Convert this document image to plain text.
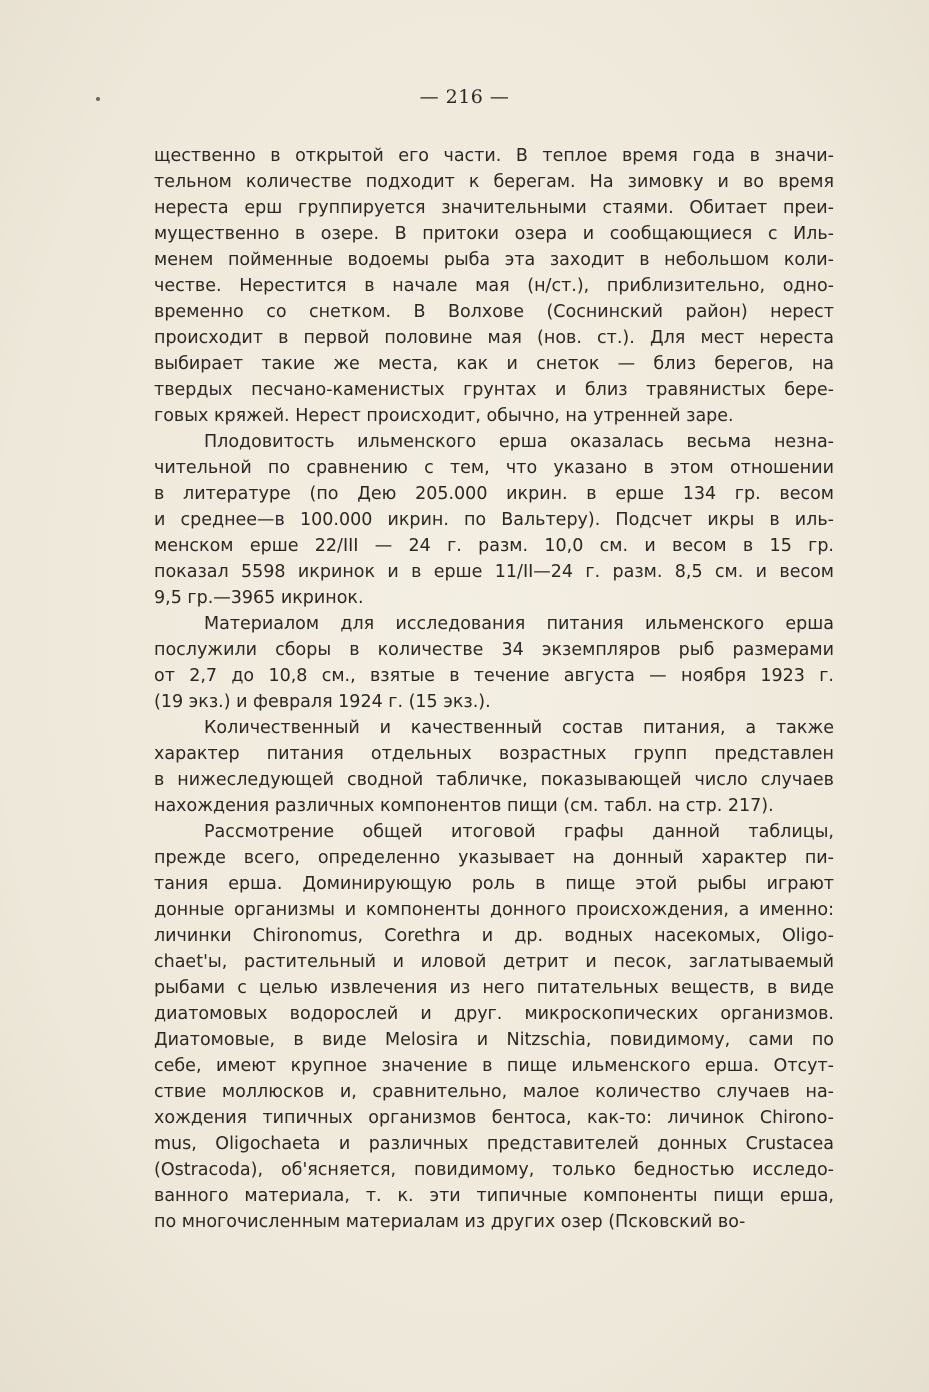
— 216 —
щественно в открытой его части. В теплое время года в значи-
тельном количестве подходит к берегам. На зимовку и во время
нереста ерш группируется значительными стаями. Обитает преи-
мущественно в озере. В притоки озера и сообщающиеся с Иль-
менем пойменные водоемы рыба эта заходит в небольшом коли-
честве. Нерестится в начале мая (н/ст.), приблизительно, одно-
временно со снетком. В Волхове (Соснинский район) нерест
происходит в первой половине мая (нов. ст.). Для мест нереста
выбирает такие же места, как и снеток — близ берегов, на
твердых песчано-каменистых грунтах и близ травянистых бере-
говых кряжей. Нерест происходит, обычно, на утренней заре.
Плодовитость ильменского ерша оказалась весьма незна-
чительной по сравнению с тем, что указано в этом отношении
в литературе (по Дею 205.000 икрин. в ерше 134 гр. весом
и среднее—в 100.000 икрин. по Вальтеру). Подсчет икры в иль-
менском ерше 22/III — 24 г. разм. 10,0 см. и весом в 15 гр.
показал 5598 икринок и в ерше 11/II—24 г. разм. 8,5 см. и весом
9,5 гр.—3965 икринок.
Материалом для исследования питания ильменского ерша
послужили сборы в количестве 34 экземпляров рыб размерами
от 2,7 до 10,8 см., взятые в течение августа — ноября 1923 г.
(19 экз.) и февраля 1924 г. (15 экз.).
Количественный и качественный состав питания, а также
характер питания отдельных возрастных групп представлен
в нижеследующей сводной табличке, показывающей число случаев
нахождения различных компонентов пищи (см. табл. на стр. 217).
Рассмотрение общей итоговой графы данной таблицы,
прежде всего, определенно указывает на донный характер пи-
тания ерша. Доминирующую роль в пище этой рыбы играют
донные организмы и компоненты донного происхождения, а именно:
личинки Chironomus, Corethra и др. водных насекомых, Oligo-
chaet'ы, растительный и иловой детрит и песок, заглатываемый
рыбами с целью извлечения из него питательных веществ, в виде
диатомовых водорослей и друг. микроскопических организмов.
Диатомовые, в виде Melosira и Nitzschia, повидимому, сами по
себе, имеют крупное значение в пище ильменского ерша. Отсут-
ствие моллюсков и, сравнительно, малое количество случаев на-
хождения типичных организмов бентоса, как-то: личинок Chirono-
mus, Oligochaeta и различных представителей донных Crustacea
(Ostracoda), об'ясняется, повидимому, только бедностью исследо-
ванного материала, т. к. эти типичные компоненты пищи ерша,
по многочисленным материалам из других озер (Псковский во-
